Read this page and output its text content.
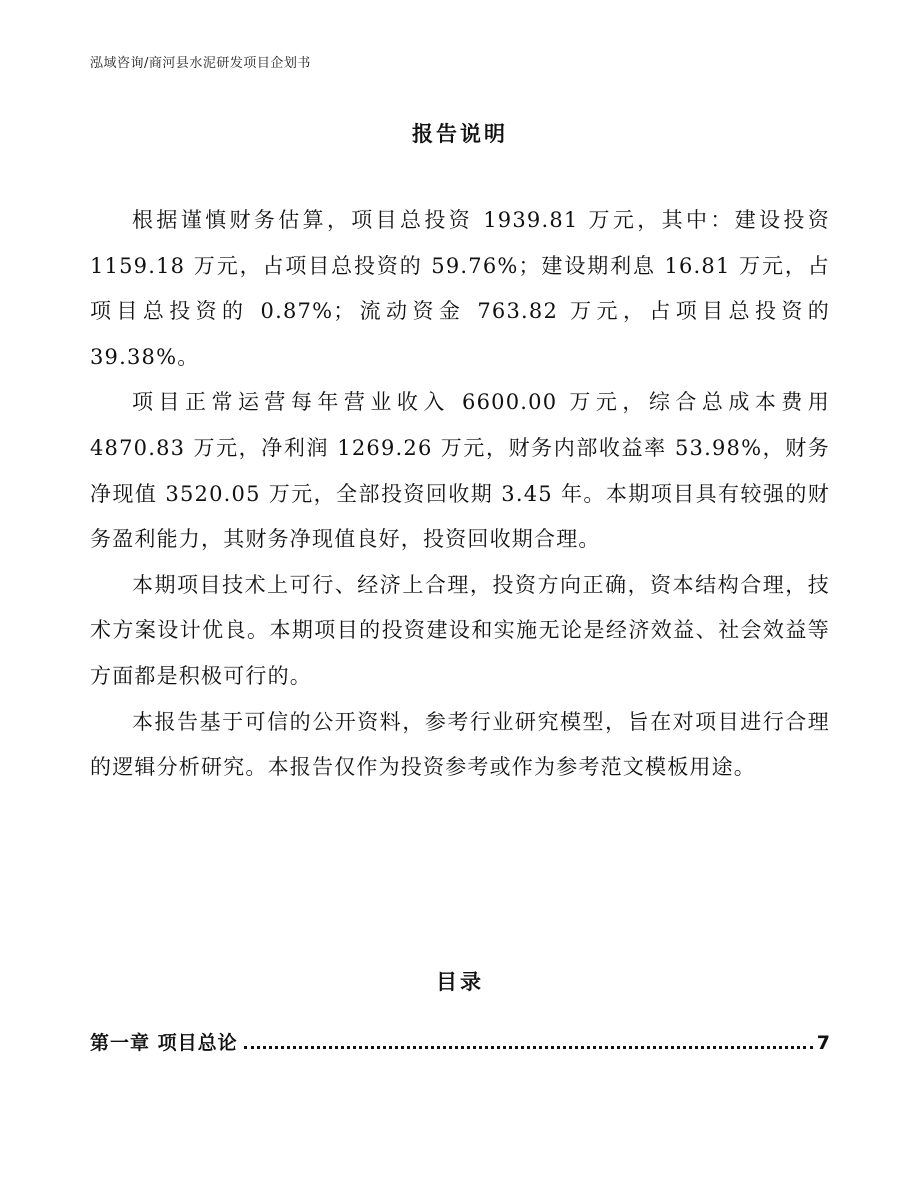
泓域咨询/商河县水泥研发项目企划书
报告说明

根据谨慎财务估算，项目总投资 1939.81 万元，其中：建设投资 1159.18 万元，占项目总投资的 59.76%；建设期利息 16.81 万元，占项目总投资的 0.87%；流动资金 763.82 万元，占项目总投资的 39.38%。

项目正常运营每年营业收入 6600.00 万元，综合总成本费用 4870.83 万元，净利润 1269.26 万元，财务内部收益率 53.98%，财务净现值 3520.05 万元，全部投资回收期 3.45 年。本期项目具有较强的财务盈利能力，其财务净现值良好，投资回收期合理。

本期项目技术上可行、经济上合理，投资方向正确，资本结构合理，技术方案设计优良。本期项目的投资建设和实施无论是经济效益、社会效益等方面都是积极可行的。

本报告基于可信的公开资料，参考行业研究模型，旨在对项目进行合理的逻辑分析研究。本报告仅作为投资参考或作为参考范文模板用途。

目录
第一章 项目总论	7
